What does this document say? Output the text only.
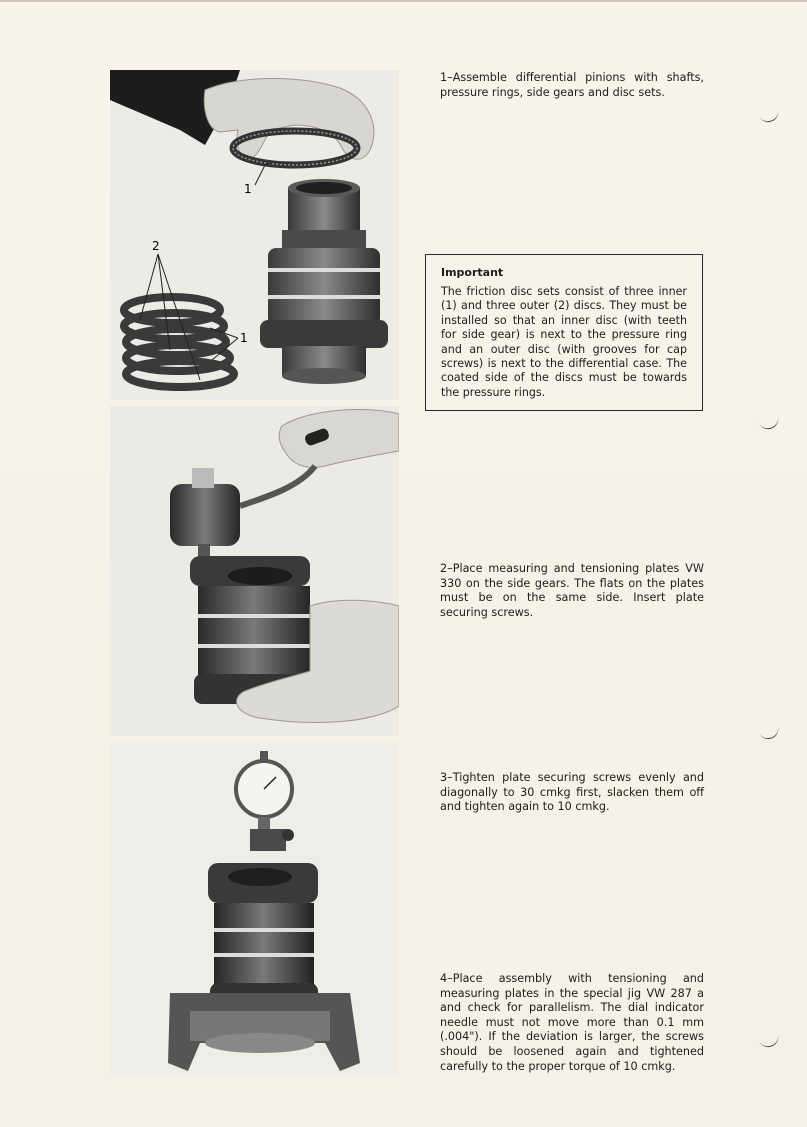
1
2
1

1–Assemble differential pinions with shafts, pressure rings, side gears and disc sets.

Important

The friction disc sets consist of three inner (1) and three outer (2) discs. They must be installed so that an inner disc (with teeth for side gear) is next to the pressure ring and an outer disc (with grooves for cap screws) is next to the differential case. The coated side of the discs must be towards the pressure rings.

2–Place measuring and tensioning plates VW 330 on the side gears. The flats on the plates must be on the same side. Insert plate securing screws.

3–Tighten plate securing screws evenly and diagonally to 30 cmkg first, slacken them off and tighten again to 10 cmkg.

4–Place assembly with tensioning and measuring plates in the special jig VW 287 a and check for parallelism. The dial indicator needle must not move more than 0.1 mm (.004"). If the deviation is larger, the screws should be loosened again and tightened carefully to the proper torque of 10 cmkg.
